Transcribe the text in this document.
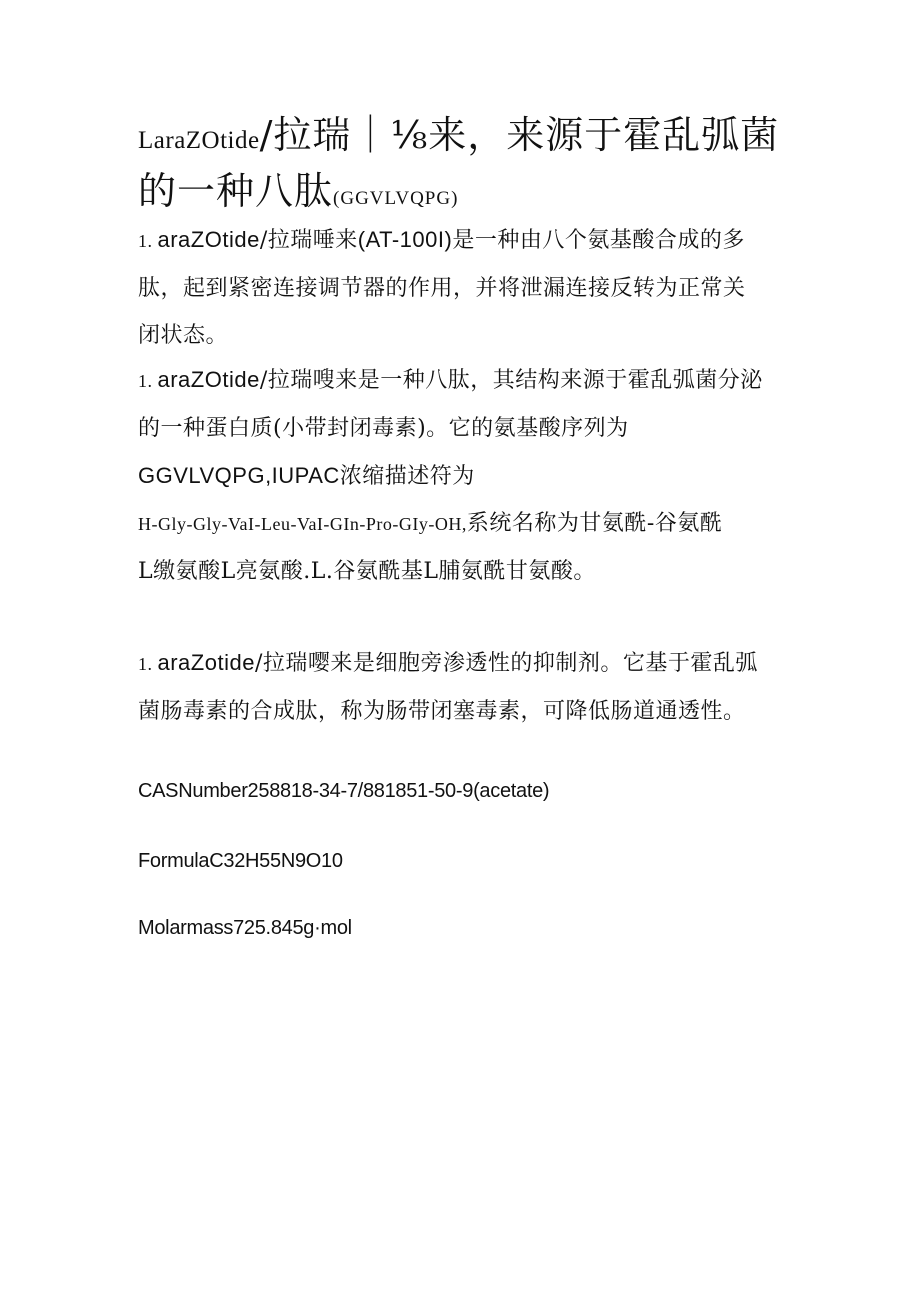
LaraZOtide/拉瑞｜⅛来，来源于霍乱弧菌的一种八肽(GGVLVQPG)

1. araZOtide/拉瑞唾来(AT-100I)是一种由八个氨基酸合成的多
肽，起到紧密连接调节器的作用，并将泄漏连接反转为正常关
闭状态。

1. araZOtide/拉瑞嗖来是一种八肽，其结构来源于霍乱弧菌分泌
的一种蛋白质(小带封闭毒素)。它的氨基酸序列为
GGVLVQPG,IUPAC浓缩描述符为
H-Gly-Gly-VaI-Leu-VaI-GIn-Pro-GIy-OH,系统名称为甘氨酰-谷氨酰
L缴氨酸L亮氨酸.L.谷氨酰基L脯氨酰甘氨酸。

1. araZotide/拉瑞嘤来是细胞旁渗透性的抑制剂。它基于霍乱弧
菌肠毒素的合成肽，称为肠带闭塞毒素，可降低肠道通透性。

CASNumber258818-34-7/881851-50-9(acetate)

FormulaC32H55N9O10

Molarmass725.845g·mol
